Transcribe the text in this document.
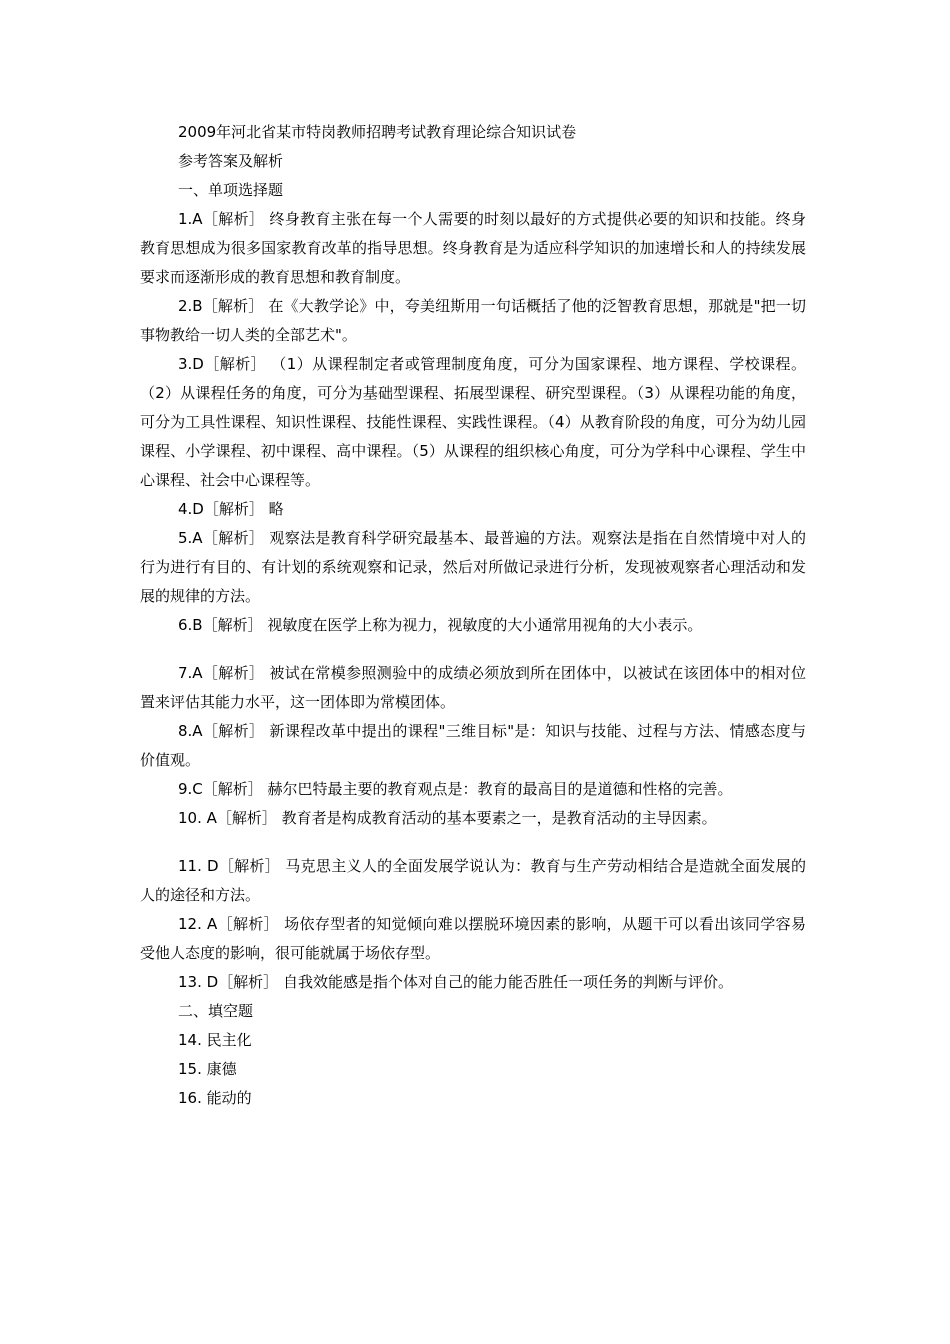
2009年河北省某市特岗教师招聘考试教育理论综合知识试卷

参考答案及解析

一、单项选择题

1.A［解析］ 终身教育主张在每一个人需要的时刻以最好的方式提供必要的知识和技能。终身教育思想成为很多国家教育改革的指导思想。终身教育是为适应科学知识的加速增长和人的持续发展要求而逐渐形成的教育思想和教育制度。

2.B［解析］ 在《大教学论》中，夸美纽斯用一句话概括了他的泛智教育思想，那就是"把一切事物教给一切人类的全部艺术"。

3.D［解析］ （1）从课程制定者或管理制度角度，可分为国家课程、地方课程、学校课程。（2）从课程任务的角度，可分为基础型课程、拓展型课程、研究型课程。（3）从课程功能的角度，可分为工具性课程、知识性课程、技能性课程、实践性课程。（4）从教育阶段的角度，可分为幼儿园课程、小学课程、初中课程、高中课程。（5）从课程的组织核心角度，可分为学科中心课程、学生中心课程、社会中心课程等。

4.D［解析］ 略

5.A［解析］ 观察法是教育科学研究最基本、最普遍的方法。观察法是指在自然情境中对人的行为进行有目的、有计划的系统观察和记录，然后对所做记录进行分析，发现被观察者心理活动和发展的规律的方法。

6.B［解析］ 视敏度在医学上称为视力，视敏度的大小通常用视角的大小表示。

7.A［解析］ 被试在常模参照测验中的成绩必须放到所在团体中，以被试在该团体中的相对位置来评估其能力水平，这一团体即为常模团体。

8.A［解析］ 新课程改革中提出的课程"三维目标"是：知识与技能、过程与方法、情感态度与价值观。

9.C［解析］ 赫尔巴特最主要的教育观点是：教育的最高目的是道德和性格的完善。

10. A［解析］ 教育者是构成教育活动的基本要素之一，是教育活动的主导因素。

11. D［解析］ 马克思主义人的全面发展学说认为：教育与生产劳动相结合是造就全面发展的人的途径和方法。

12. A［解析］ 场依存型者的知觉倾向难以摆脱环境因素的影响，从题干可以看出该同学容易受他人态度的影响，很可能就属于场依存型。

13. D［解析］ 自我效能感是指个体对自己的能力能否胜任一项任务的判断与评价。

二、填空题

14. 民主化

15. 康德

16. 能动的
